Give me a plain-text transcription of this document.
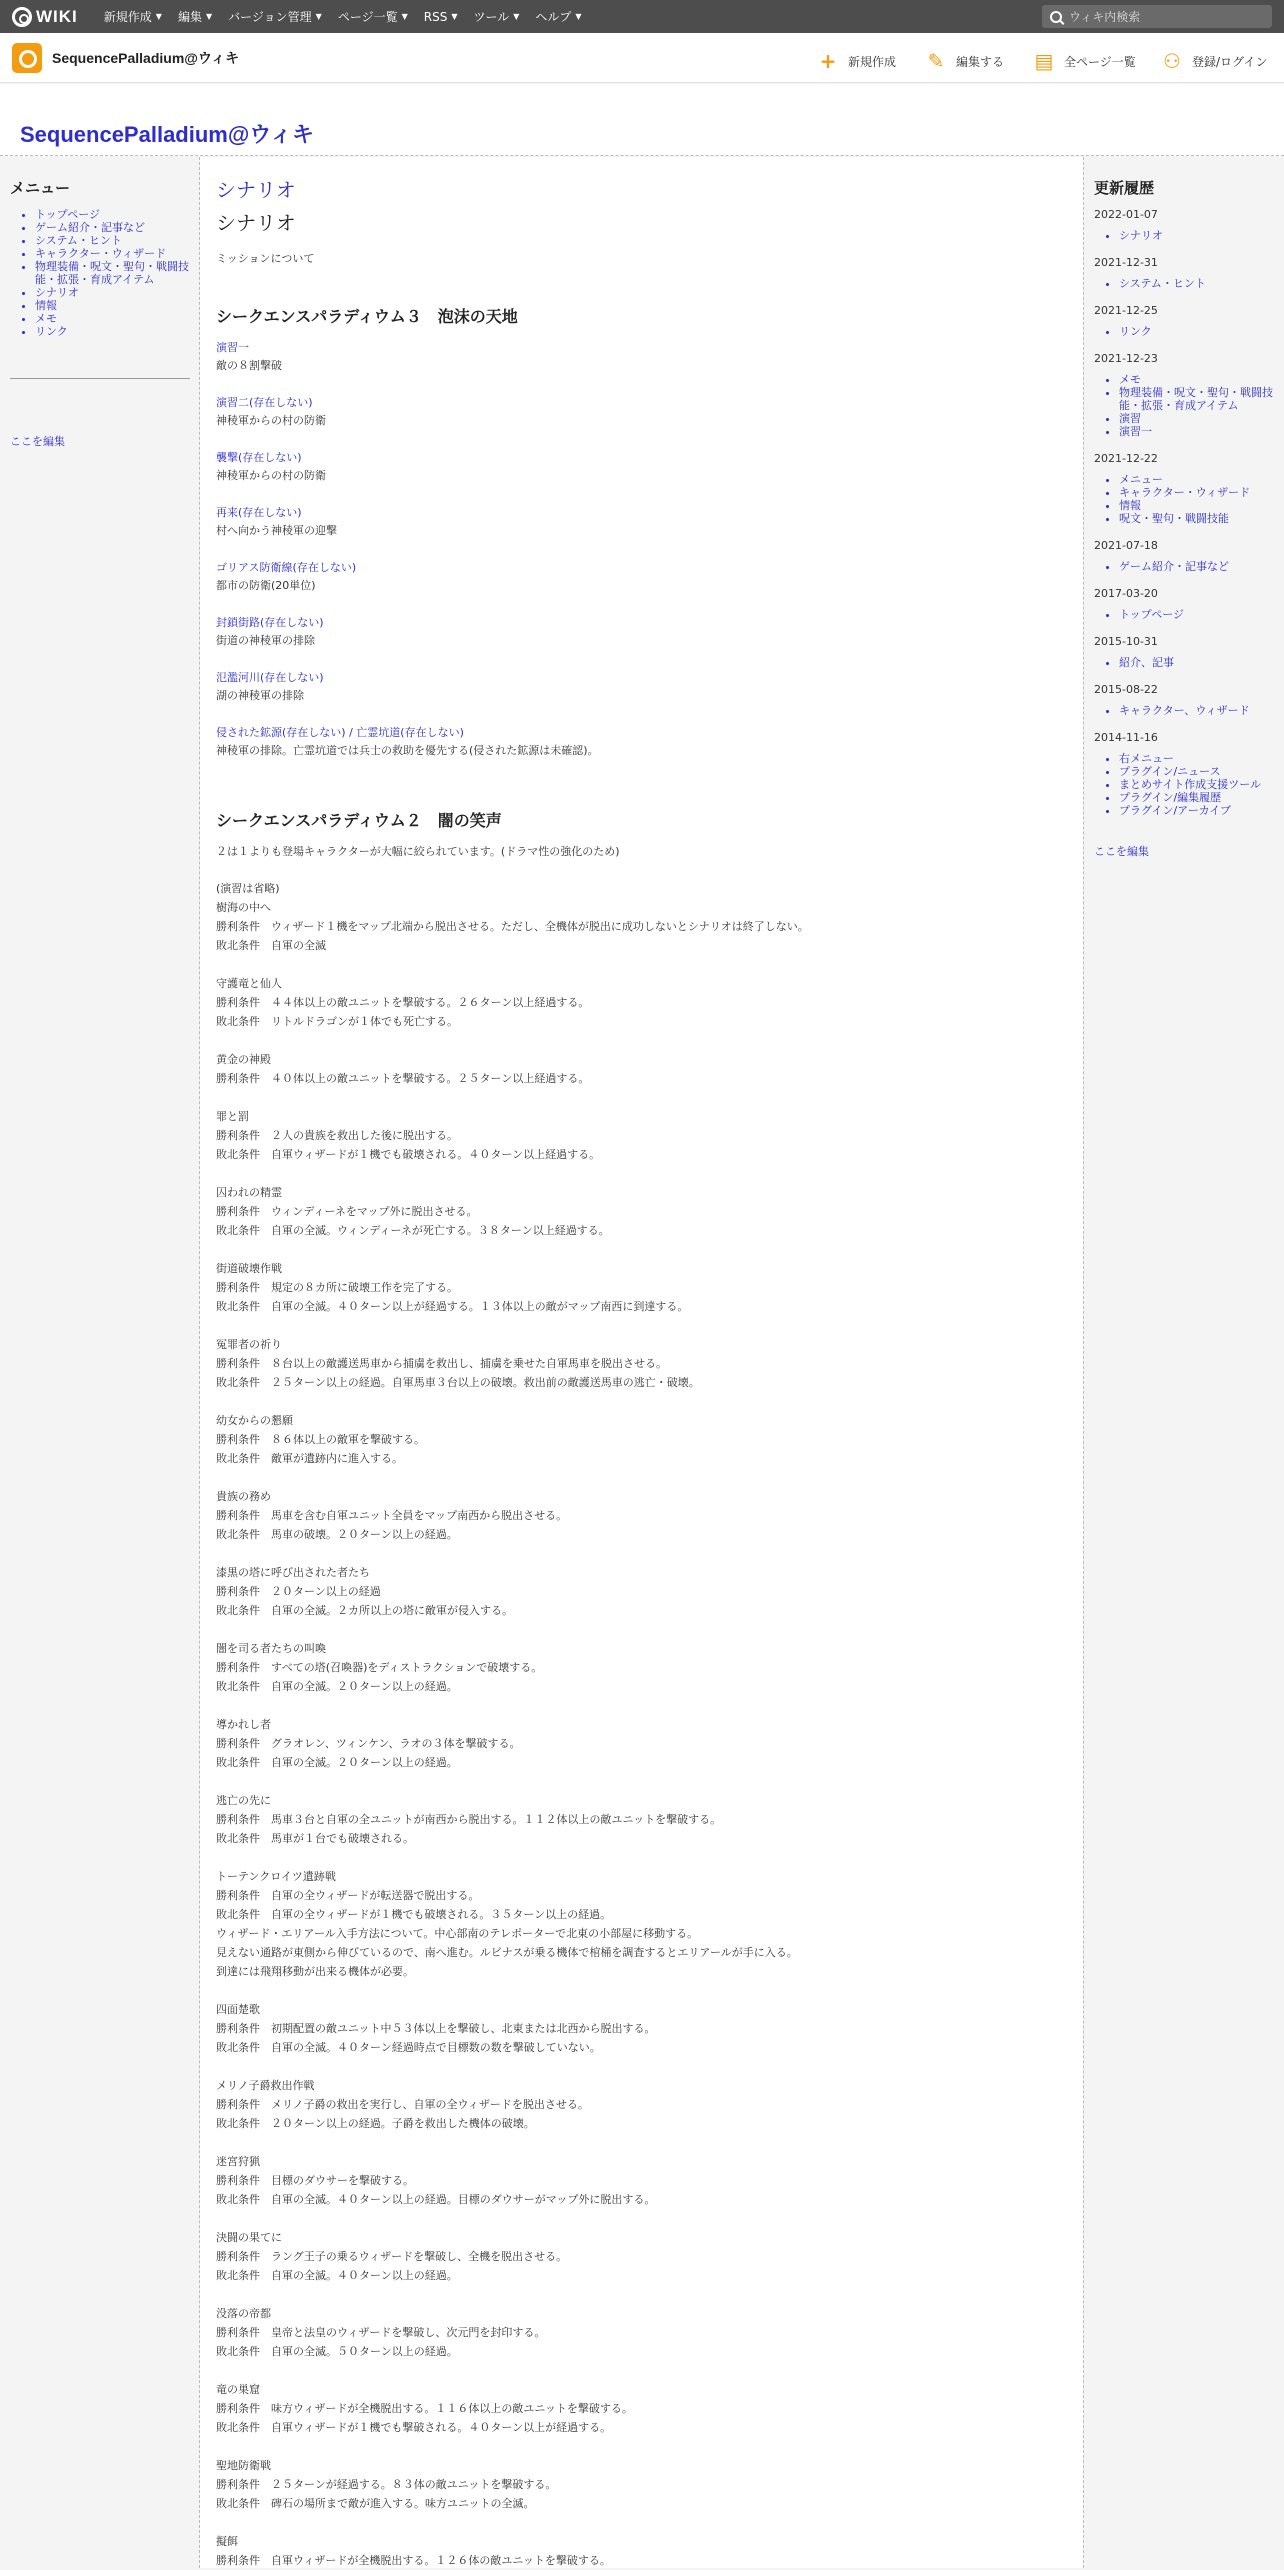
WIKI 新規作成 ▼ 編集 ▼ バージョン管理 ▼ ページ一覧 ▼ RSS ▼ ツール ▼ ヘルプ ▼	ウィキ内検索
SequencePalladium@ウィキ	+ 新規作成 ✎ 編集する ▤ 全ページ一覧 ⚇ 登録/ログイン
SequencePalladium@ウィキ
メニュー
• トップページ
• ゲーム紹介・記事など
• システム・ヒント
• キャラクター・ウィザード
• 物理装備・呪文・聖句・戦闘技能・拡張・育成アイテム
• シナリオ
• 情報
• メモ
• リンク
ここを編集
シナリオ
シナリオ

ミッションについて

シークエンスパラディウム３　泡沫の天地
演習一
敵の８割撃破
演習二(存在しない)
神稜軍からの村の防衛
襲撃(存在しない)
神稜軍からの村の防衛
再来(存在しない)
村へ向かう神稜軍の迎撃
ゴリアス防衛線(存在しない)
都市の防衛(20単位)
封鎖街路(存在しない)
街道の神稜軍の排除
氾濫河川(存在しない)
湖の神稜軍の排除
侵された鉱源(存在しない) / 亡霊坑道(存在しない)
神稜軍の排除。亡霊坑道では兵士の救助を優先する(侵された鉱源は未確認)。
シークエンスパラディウム２　闇の笑声

２は１よりも登場キャラクターが大幅に絞られています。(ドラマ性の強化のため)

(演習は省略)
樹海の中へ
勝利条件　ウィザード１機をマップ北端から脱出させる。ただし、全機体が脱出に成功しないとシナリオは終了しない。
敗北条件　自軍の全滅
守護竜と仙人
勝利条件　４４体以上の敵ユニットを撃破する。２６ターン以上経過する。
敗北条件　リトルドラゴンが１体でも死亡する。
黄金の神殿
勝利条件　４０体以上の敵ユニットを撃破する。２５ターン以上経過する。
罪と罰
勝利条件　２人の貴族を救出した後に脱出する。
敗北条件　自軍ウィザードが１機でも破壊される。４０ターン以上経過する。
囚われの精霊
勝利条件　ウィンディーネをマップ外に脱出させる。
敗北条件　自軍の全滅。ウィンディーネが死亡する。３８ターン以上経過する。
街道破壊作戦
勝利条件　規定の８カ所に破壊工作を完了する。
敗北条件　自軍の全滅。４０ターン以上が経過する。１３体以上の敵がマップ南西に到達する。
冤罪者の祈り
勝利条件　８台以上の敵護送馬車から捕虜を救出し、捕虜を乗せた自軍馬車を脱出させる。
敗北条件　２５ターン以上の経過。自軍馬車３台以上の破壊。救出前の敵護送馬車の逃亡・破壊。
幼女からの懇願
勝利条件　８６体以上の敵軍を撃破する。
敗北条件　敵軍が遺跡内に進入する。
貴族の務め
勝利条件　馬車を含む自軍ユニット全員をマップ南西から脱出させる。
敗北条件　馬車の破壊。２０ターン以上の経過。
漆黒の塔に呼び出された者たち
勝利条件　２０ターン以上の経過
敗北条件　自軍の全滅。２カ所以上の塔に敵軍が侵入する。
闇を司る者たちの叫喚
勝利条件　すべての塔(召喚器)をディストラクションで破壊する。
敗北条件　自軍の全滅。２０ターン以上の経過。
導かれし者
勝利条件　グラオレン、ツィンケン、ラオの３体を撃破する。
敗北条件　自軍の全滅。２０ターン以上の経過。
逃亡の先に
勝利条件　馬車３台と自軍の全ユニットが南西から脱出する。１１２体以上の敵ユニットを撃破する。
敗北条件　馬車が１台でも破壊される。
トーテンクロイツ遺跡戦
勝利条件　自軍の全ウィザードが転送器で脱出する。
敗北条件　自軍の全ウィザードが１機でも破壊される。３５ターン以上の経過。
ウィザード・エリアール入手方法について。中心部南のテレポーターで北東の小部屋に移動する。
見えない通路が東側から伸びているので、南へ進む。ルビナスが乗る機体で棺桶を調査するとエリアールが手に入る。
到達には飛翔移動が出来る機体が必要。
四面楚歌
勝利条件　初期配置の敵ユニット中５３体以上を撃破し、北東または北西から脱出する。
敗北条件　自軍の全滅。４０ターン経過時点で目標数の数を撃破していない。
メリノ子爵救出作戦
勝利条件　メリノ子爵の救出を実行し、自軍の全ウィザードを脱出させる。
敗北条件　２０ターン以上の経過。子爵を救出した機体の破壊。
迷宮狩猟
勝利条件　目標のダウサーを撃破する。
敗北条件　自軍の全滅。４０ターン以上の経過。目標のダウサーがマップ外に脱出する。
決闘の果てに
勝利条件　ラング王子の乗るウィザードを撃破し、全機を脱出させる。
敗北条件　自軍の全滅。４０ターン以上の経過。
没落の帝都
勝利条件　皇帝と法皇のウィザードを撃破し、次元門を封印する。
敗北条件　自軍の全滅。５０ターン以上の経過。
竜の巣窟
勝利条件　味方ウィザードが全機脱出する。１１６体以上の敵ユニットを撃破する。
敗北条件　自軍ウィザードが１機でも撃破される。４０ターン以上が経過する。
聖地防衛戦
勝利条件　２５ターンが経過する。８３体の敵ユニットを撃破する。
敗北条件　碑石の場所まで敵が進入する。味方ユニットの全滅。
擬餌
勝利条件　自軍ウィザードが全機脱出する。１２６体の敵ユニットを撃破する。
更新履歴
2022-01-07
• シナリオ
2021-12-31
• システム・ヒント
2021-12-25
• リンク
2021-12-23
• メモ
• 物理装備・呪文・聖句・戦闘技能・拡張・育成アイテム
• 演習
• 演習一
2021-12-22
• メニュー
• キャラクター・ウィザード
• 情報
• 呪文・聖句・戦闘技能
2021-07-18
• ゲーム紹介・記事など
2017-03-20
• トップページ
2015-10-31
• 紹介、記事
2015-08-22
• キャラクター、ウィザード
2014-11-16
• 右メニュー
• プラグイン/ニュース
• まとめサイト作成支援ツール
• プラグイン/編集履歴
• プラグイン/アーカイブ
ここを編集
